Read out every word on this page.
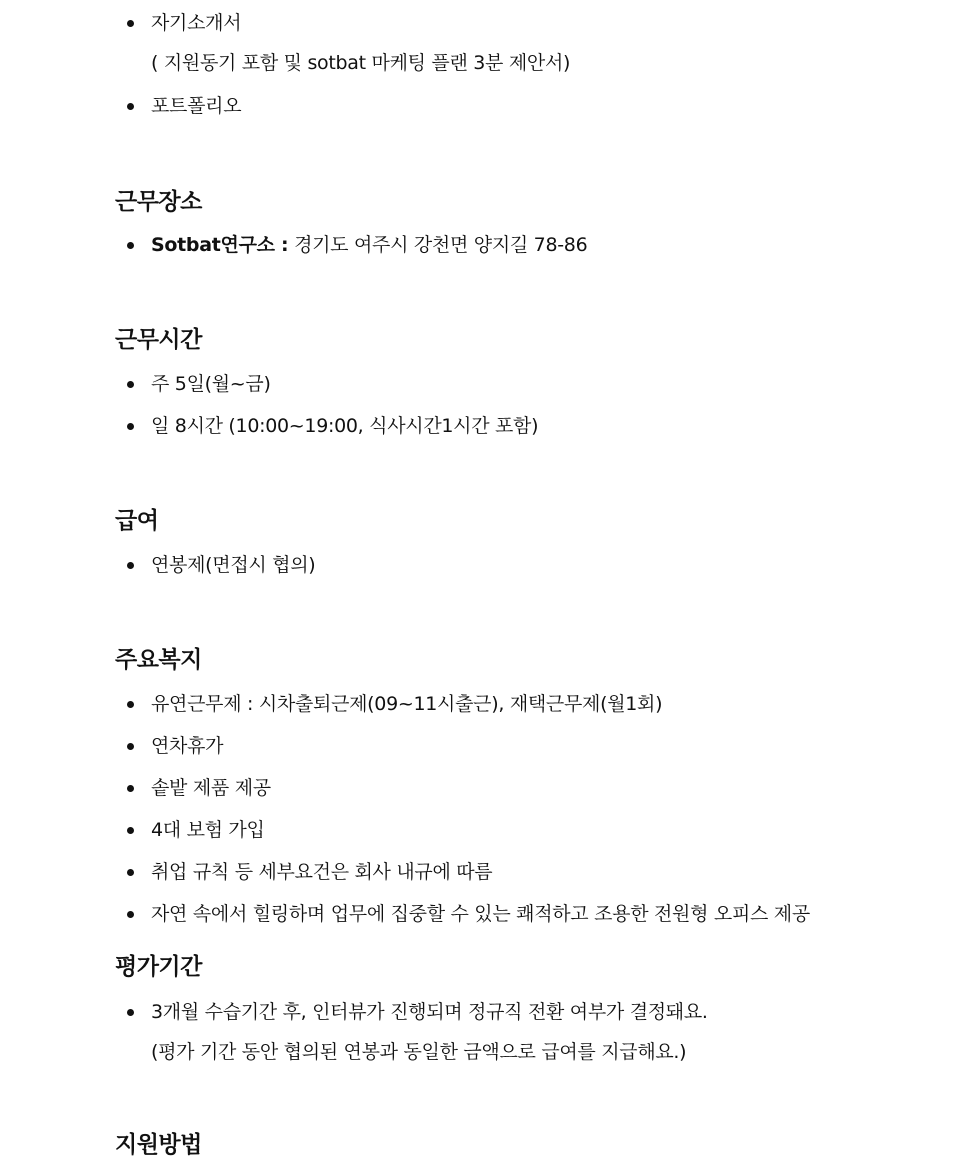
자기소개서
( 지원동기 포함 및 sotbat 마케팅 플랜 3분 제안서)
포트폴리오
근무장소
Sotbat연구소 : 경기도 여주시 강천면 양지길 78-86
근무시간
주 5일(월~금)
일 8시간 (10:00~19:00, 식사시간1시간 포함)
급여
연봉제(면접시 협의)
주요복지
유연근무제 : 시차출퇴근제(09~11시출근), 재택근무제(월1회)
연차휴가
솥밭 제품 제공
4대 보험 가입
취업 규칙 등 세부요건은 회사 내규에 따름
자연 속에서 힐링하며 업무에 집중할 수 있는 쾌적하고 조용한 전원형 오피스 제공
평가기간
3개월 수습기간 후, 인터뷰가 진행되며 정규직 전환 여부가 결정돼요.
(평가 기간 동안 협의된 연봉과 동일한 금액으로 급여를 지급해요.)
지원방법
